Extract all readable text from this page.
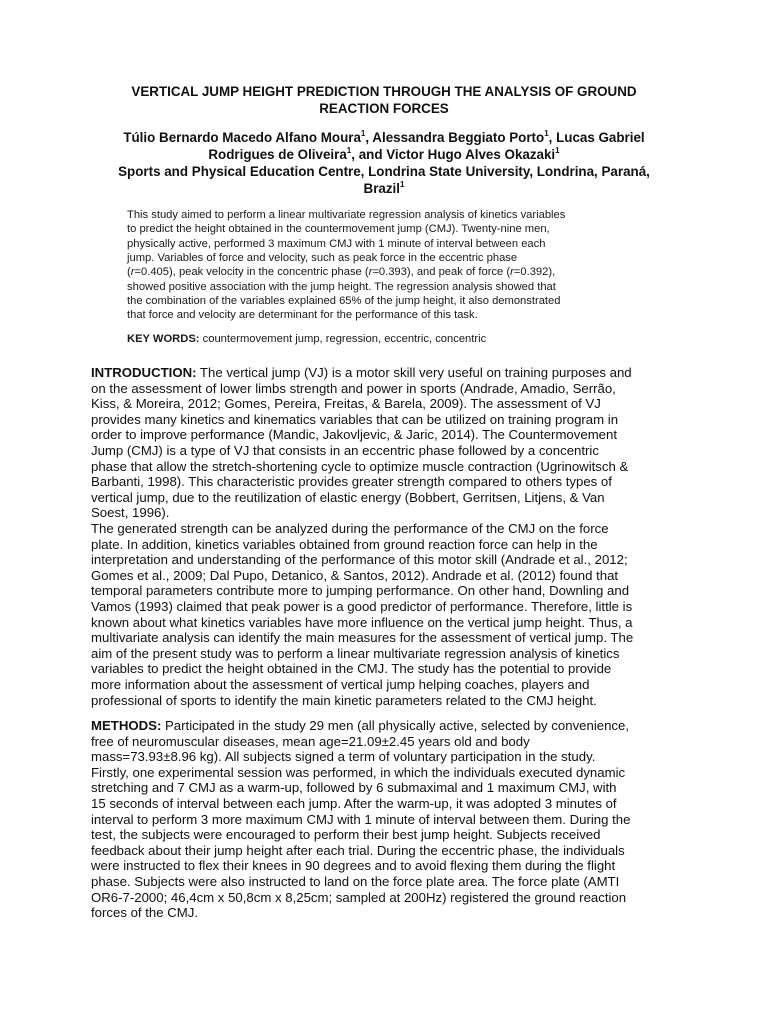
VERTICAL JUMP HEIGHT PREDICTION THROUGH THE ANALYSIS OF GROUND
REACTION FORCES
Túlio Bernardo Macedo Alfano Moura$^1$, Alessandra Beggiato Porto$^1$, Lucas Gabriel
Rodrigues de Oliveira$^1$, and Victor Hugo Alves Okazaki$^1$
Sports and Physical Education Centre, Londrina State University, Londrina, Paraná,
Brazil$^1$
This study aimed to perform a linear multivariate regression analysis of kinetics variables
to predict the height obtained in the countermovement jump (CMJ). Twenty-nine men,
physically active, performed 3 maximum CMJ with 1 minute of interval between each
jump. Variables of force and velocity, such as peak force in the eccentric phase
(r=0.405), peak velocity in the concentric phase (r=0.393), and peak of force (r=0.392),
showed positive association with the jump height. The regression analysis showed that
the combination of the variables explained 65% of the jump height, it also demonstrated
that force and velocity are determinant for the performance of this task.
KEY WORDS: countermovement jump, regression, eccentric, concentric
INTRODUCTION: The vertical jump (VJ) is a motor skill very useful on training purposes and
on the assessment of lower limbs strength and power in sports (Andrade, Amadio, Serrão,
Kiss, & Moreira, 2012; Gomes, Pereira, Freitas, & Barela, 2009). The assessment of VJ
provides many kinetics and kinematics variables that can be utilized on training program in
order to improve performance (Mandic, Jakovljevic, & Jaric, 2014). The Countermovement
Jump (CMJ) is a type of VJ that consists in an eccentric phase followed by a concentric
phase that allow the stretch-shortening cycle to optimize muscle contraction (Ugrinowitsch &
Barbanti, 1998). This characteristic provides greater strength compared to others types of
vertical jump, due to the reutilization of elastic energy (Bobbert, Gerritsen, Litjens, & Van
Soest, 1996).
The generated strength can be analyzed during the performance of the CMJ on the force
plate. In addition, kinetics variables obtained from ground reaction force can help in the
interpretation and understanding of the performance of this motor skill (Andrade et al., 2012;
Gomes et al., 2009; Dal Pupo, Detanico, & Santos, 2012). Andrade et al. (2012) found that
temporal parameters contribute more to jumping performance. On other hand, Downling and
Vamos (1993) claimed that peak power is a good predictor of performance. Therefore, little is
known about what kinetics variables have more influence on the vertical jump height. Thus, a
multivariate analysis can identify the main measures for the assessment of vertical jump. The
aim of the present study was to perform a linear multivariate regression analysis of kinetics
variables to predict the height obtained in the CMJ. The study has the potential to provide
more information about the assessment of vertical jump helping coaches, players and
professional of sports to identify the main kinetic parameters related to the CMJ height.
METHODS: Participated in the study 29 men (all physically active, selected by convenience,
free of neuromuscular diseases, mean age=21.09±2.45 years old and body
mass=73.93±8.96 kg). All subjects signed a term of voluntary participation in the study.
Firstly, one experimental session was performed, in which the individuals executed dynamic
stretching and 7 CMJ as a warm-up, followed by 6 submaximal and 1 maximum CMJ, with
15 seconds of interval between each jump. After the warm-up, it was adopted 3 minutes of
interval to perform 3 more maximum CMJ with 1 minute of interval between them. During the
test, the subjects were encouraged to perform their best jump height. Subjects received
feedback about their jump height after each trial. During the eccentric phase, the individuals
were instructed to flex their knees in 90 degrees and to avoid flexing them during the flight
phase. Subjects were also instructed to land on the force plate area. The force plate (AMTI
OR6-7-2000; 46,4cm x 50,8cm x 8,25cm; sampled at 200Hz) registered the ground reaction
forces of the CMJ.
